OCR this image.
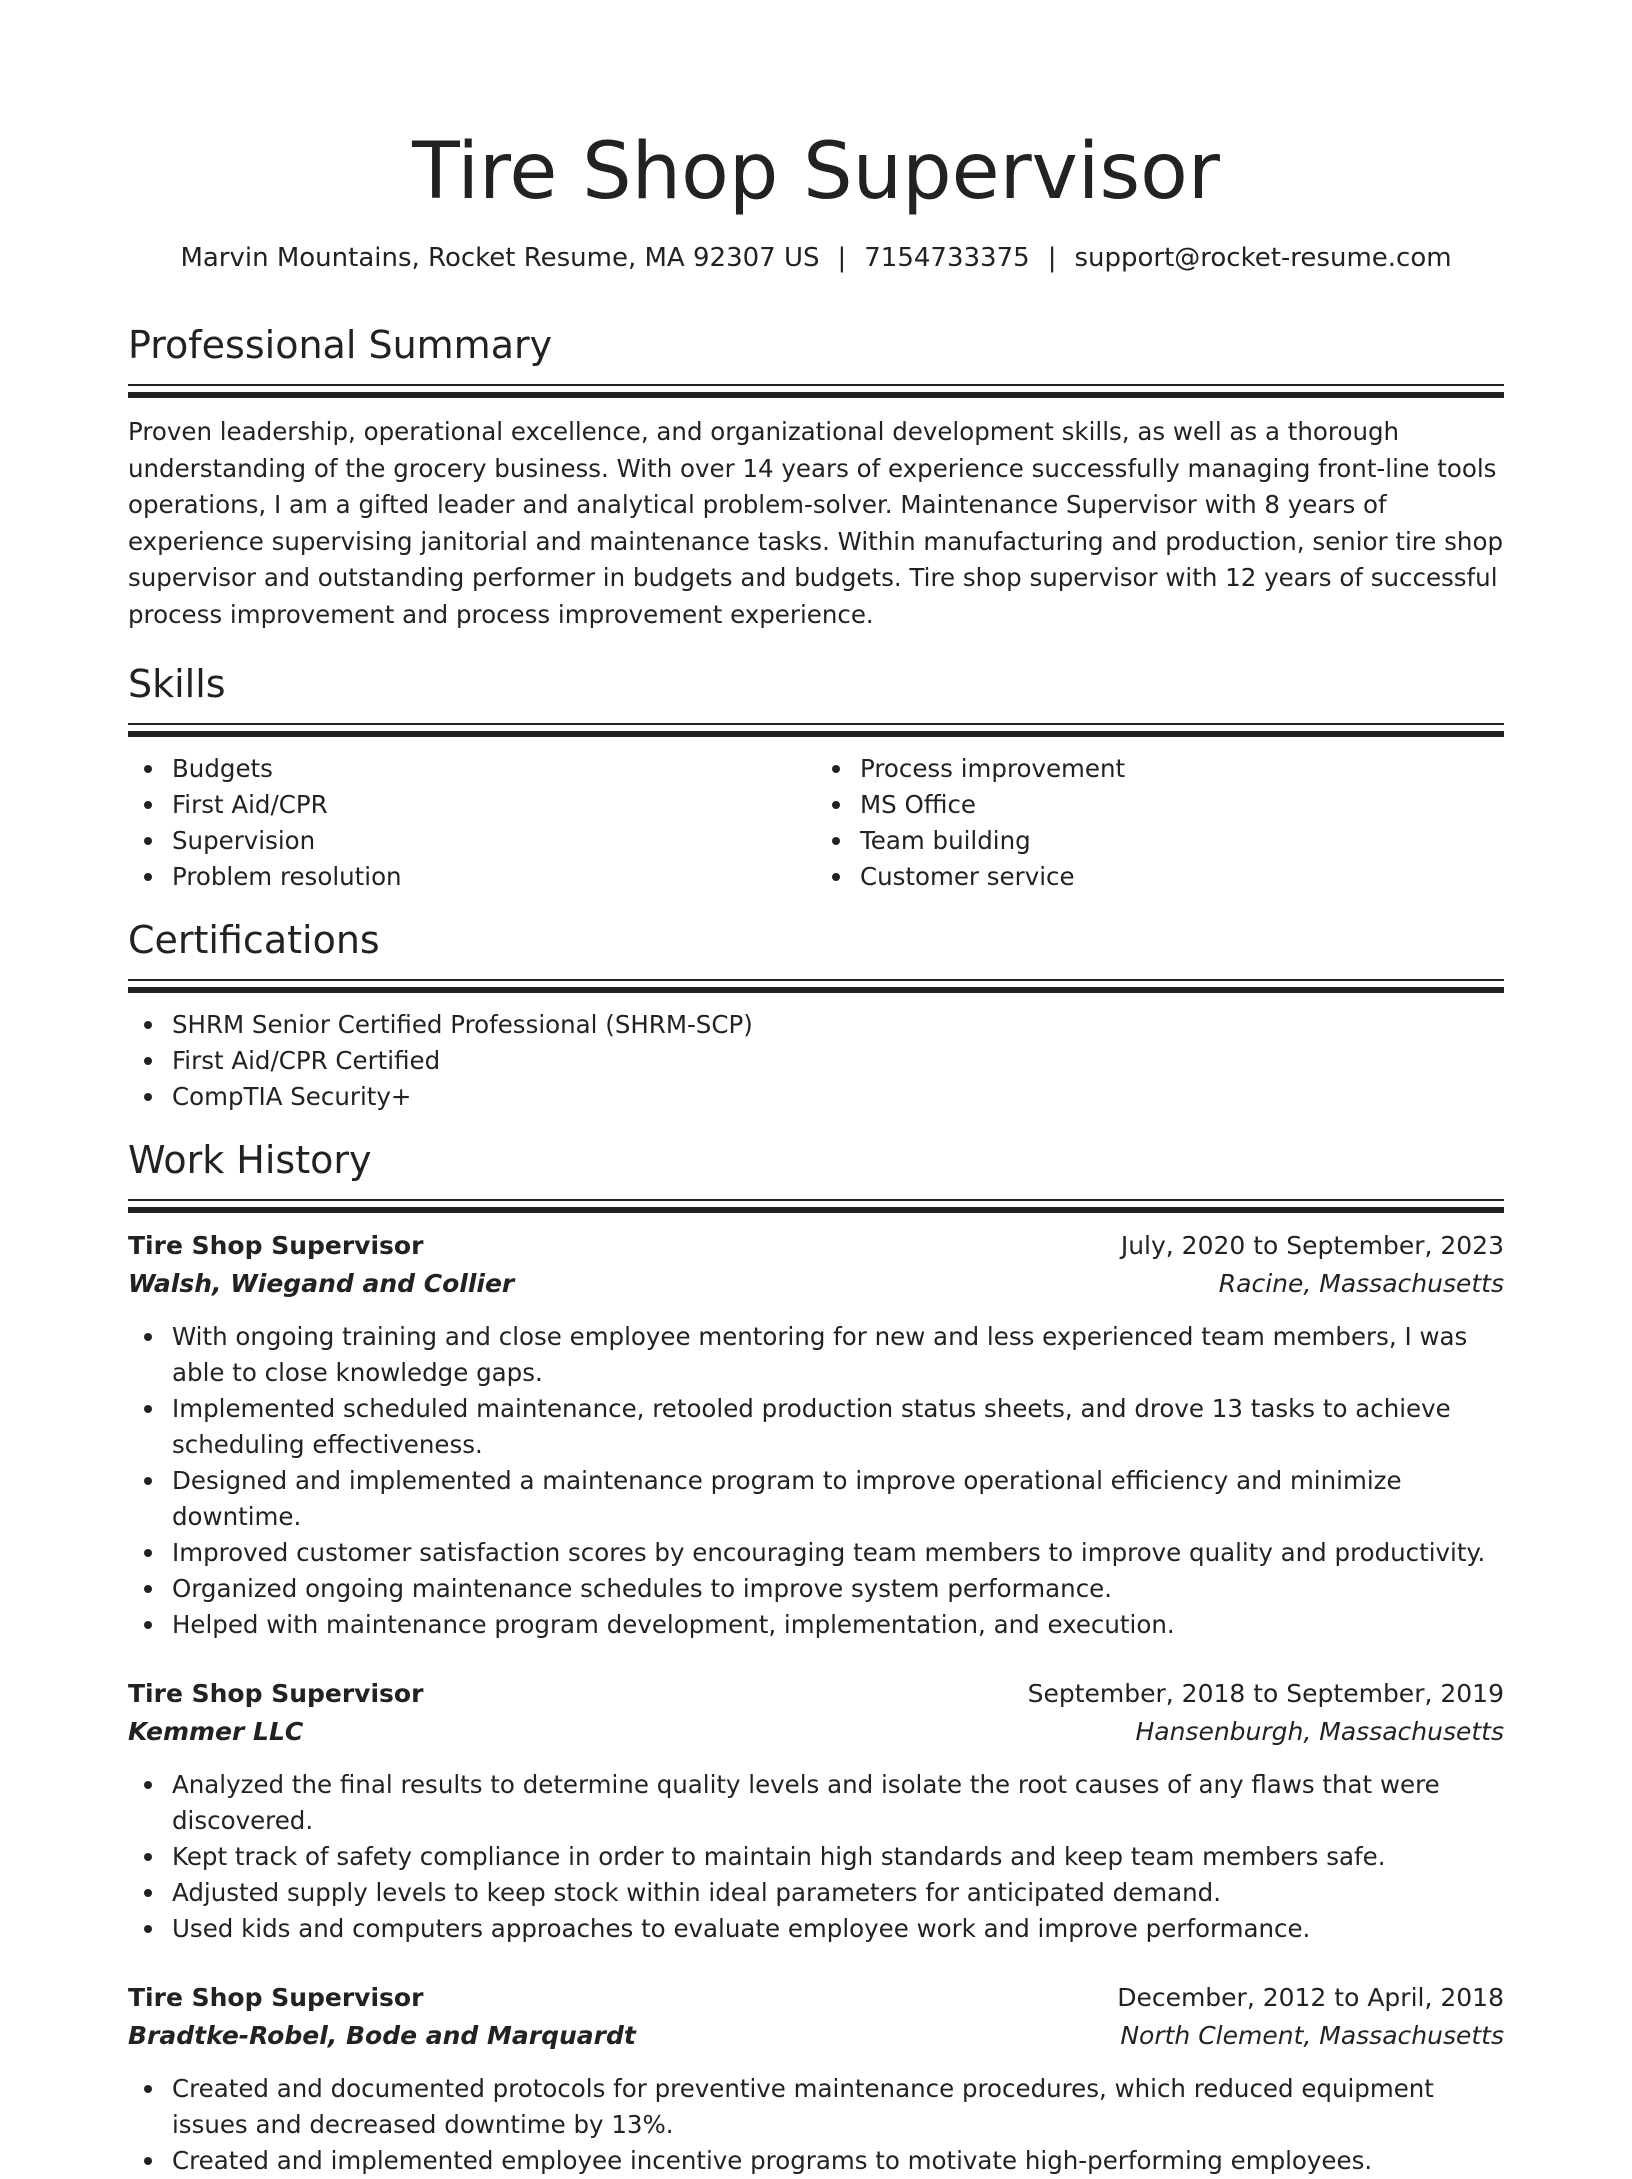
Tire Shop Supervisor
Marvin Mountains, Rocket Resume, MA 92307 US | 7154733375 | support@rocket-resume.com
Professional Summary

Proven leadership, operational excellence, and organizational development skills, as well as a thorough understanding of the grocery business. With over 14 years of experience successfully managing front-line tools operations, I am a gifted leader and analytical problem-solver. Maintenance Supervisor with 8 years of experience supervising janitorial and maintenance tasks. Within manufacturing and production, senior tire shop supervisor and outstanding performer in budgets and budgets. Tire shop supervisor with 12 years of successful process improvement and process improvement experience.

Skills
Budgets
First Aid/CPR
Supervision
Problem resolution
Process improvement
MS Office
Team building
Customer service
Certifications
SHRM Senior Certified Professional (SHRM-SCP)
First Aid/CPR Certified
CompTIA Security+
Work History
Tire Shop Supervisor	July, 2020 to September, 2023
Walsh, Wiegand and Collier	Racine, Massachusetts
With ongoing training and close employee mentoring for new and less experienced team members, I was able to close knowledge gaps.
Implemented scheduled maintenance, retooled production status sheets, and drove 13 tasks to achieve scheduling effectiveness.
Designed and implemented a maintenance program to improve operational efficiency and minimize downtime.
Improved customer satisfaction scores by encouraging team members to improve quality and productivity.
Organized ongoing maintenance schedules to improve system performance.
Helped with maintenance program development, implementation, and execution.
Tire Shop Supervisor	September, 2018 to September, 2019
Kemmer LLC	Hansenburgh, Massachusetts
Analyzed the final results to determine quality levels and isolate the root causes of any flaws that were discovered.
Kept track of safety compliance in order to maintain high standards and keep team members safe.
Adjusted supply levels to keep stock within ideal parameters for anticipated demand.
Used kids and computers approaches to evaluate employee work and improve performance.
Tire Shop Supervisor	December, 2012 to April, 2018
Bradtke-Robel, Bode and Marquardt	North Clement, Massachusetts
Created and documented protocols for preventive maintenance procedures, which reduced equipment issues and decreased downtime by 13%.
Created and implemented employee incentive programs to motivate high-performing employees.
